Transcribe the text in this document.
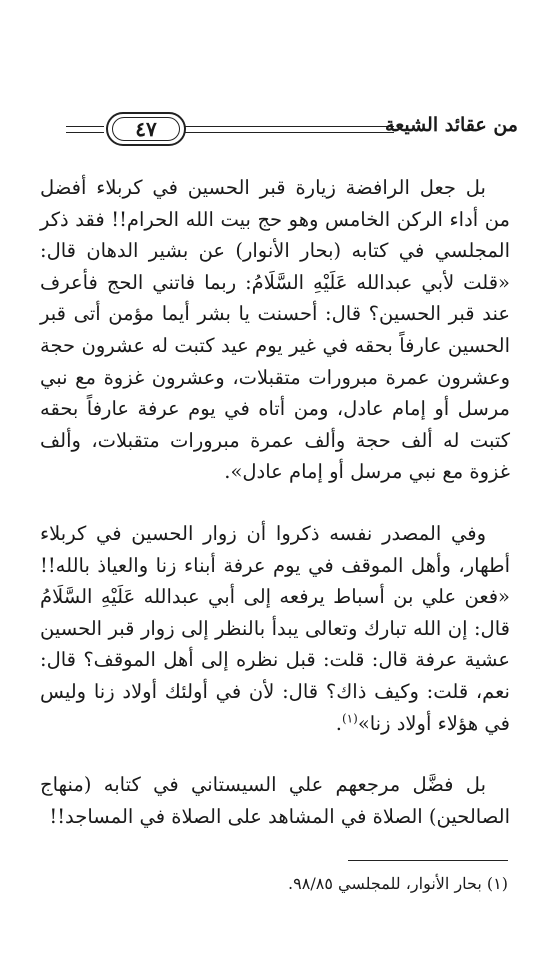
٤٧	من عقائد الشيعة

بل جعل الرافضة زيارة قبر الحسين في كربلاء أفضل من أداء الركن الخامس وهو حج بيت الله الحرام!! فقد ذكر المجلسي في كتابه (بحار الأنوار) عن بشير الدهان قال: «قلت لأبي عبدالله عَلَيْهِ السَّلَامُ: ربما فاتني الحج فأعرف عند قبر الحسين؟ قال: أحسنت يا بشر أيما مؤمن أتى قبر الحسين عارفاً بحقه في غير يوم عيد كتبت له عشرون حجة وعشرون عمرة مبرورات متقبلات، وعشرون غزوة مع نبي مرسل أو إمام عادل، ومن أتاه في يوم عرفة عارفاً بحقه كتبت له ألف حجة وألف عمرة مبرورات متقبلات، وألف غزوة مع نبي مرسل أو إمام عادل».

وفي المصدر نفسه ذكروا أن زوار الحسين في كربلاء أطهار، وأهل الموقف في يوم عرفة أبناء زنا والعياذ بالله!! «فعن علي بن أسباط يرفعه إلى أبي عبدالله عَلَيْهِ السَّلَامُ قال: إن الله تبارك وتعالى يبدأ بالنظر إلى زوار قبر الحسين عشية عرفة قال: قلت: قبل نظره إلى أهل الموقف؟ قال: نعم، قلت: وكيف ذاك؟ قال: لأن في أولئك أولاد زنا وليس في هؤلاء أولاد زنا»$^{(١)}$.

بل فضَّل مرجعهم علي السيستاني في كتابه (منهاج الصالحين) الصلاة في المشاهد على الصلاة في المساجد!!

(١) بحار الأنوار، للمجلسي ٩٨/٨٥.
